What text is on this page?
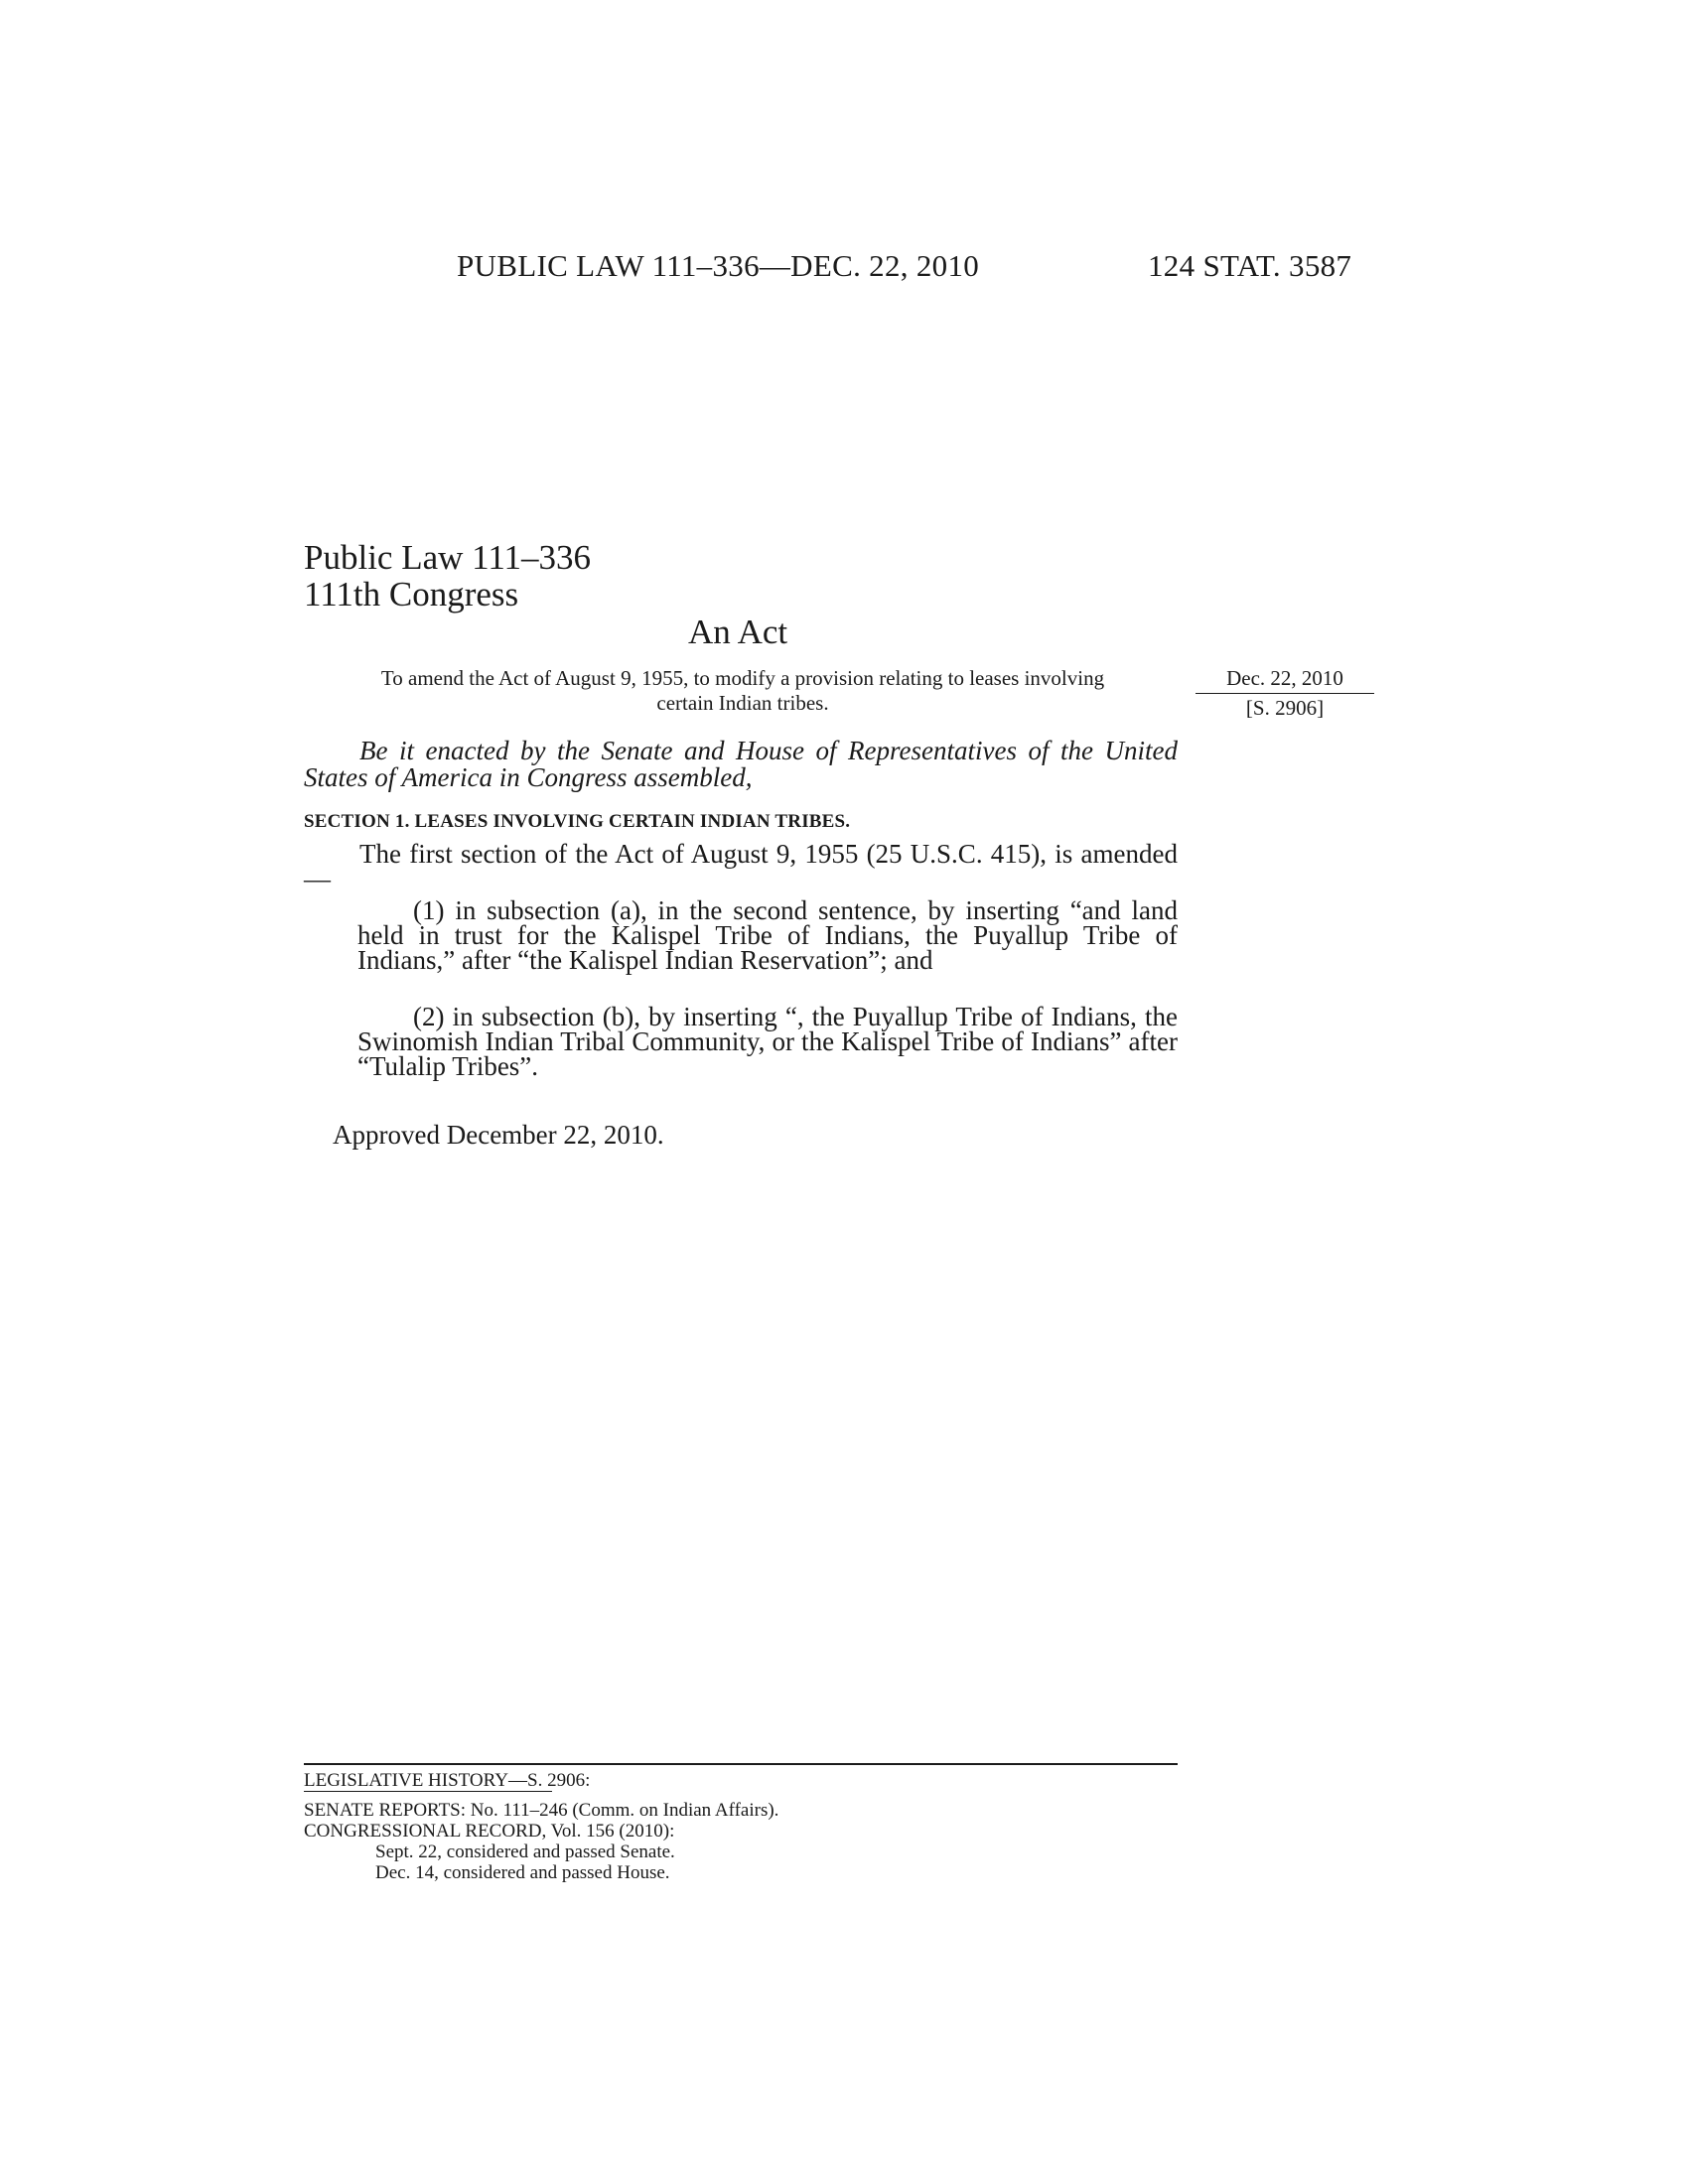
PUBLIC LAW 111–336—DEC. 22, 2010	124 STAT. 3587
Public Law 111–336
111th Congress
An Act
To amend the Act of August 9, 1955, to modify a provision relating to leases involving certain Indian tribes.
Dec. 22, 2010
[S. 2906]
Be it enacted by the Senate and House of Representatives of the United States of America in Congress assembled,
SECTION 1. LEASES INVOLVING CERTAIN INDIAN TRIBES.
The first section of the Act of August 9, 1955 (25 U.S.C. 415), is amended—
(1) in subsection (a), in the second sentence, by inserting “and land held in trust for the Kalispel Tribe of Indians, the Puyallup Tribe of Indians,” after “the Kalispel Indian Reservation”; and
(2) in subsection (b), by inserting “, the Puyallup Tribe of Indians, the Swinomish Indian Tribal Community, or the Kalispel Tribe of Indians” after “Tulalip Tribes”.
Approved December 22, 2010.
LEGISLATIVE HISTORY—S. 2906:
SENATE REPORTS: No. 111–246 (Comm. on Indian Affairs).
CONGRESSIONAL RECORD, Vol. 156 (2010):
Sept. 22, considered and passed Senate.
Dec. 14, considered and passed House.
